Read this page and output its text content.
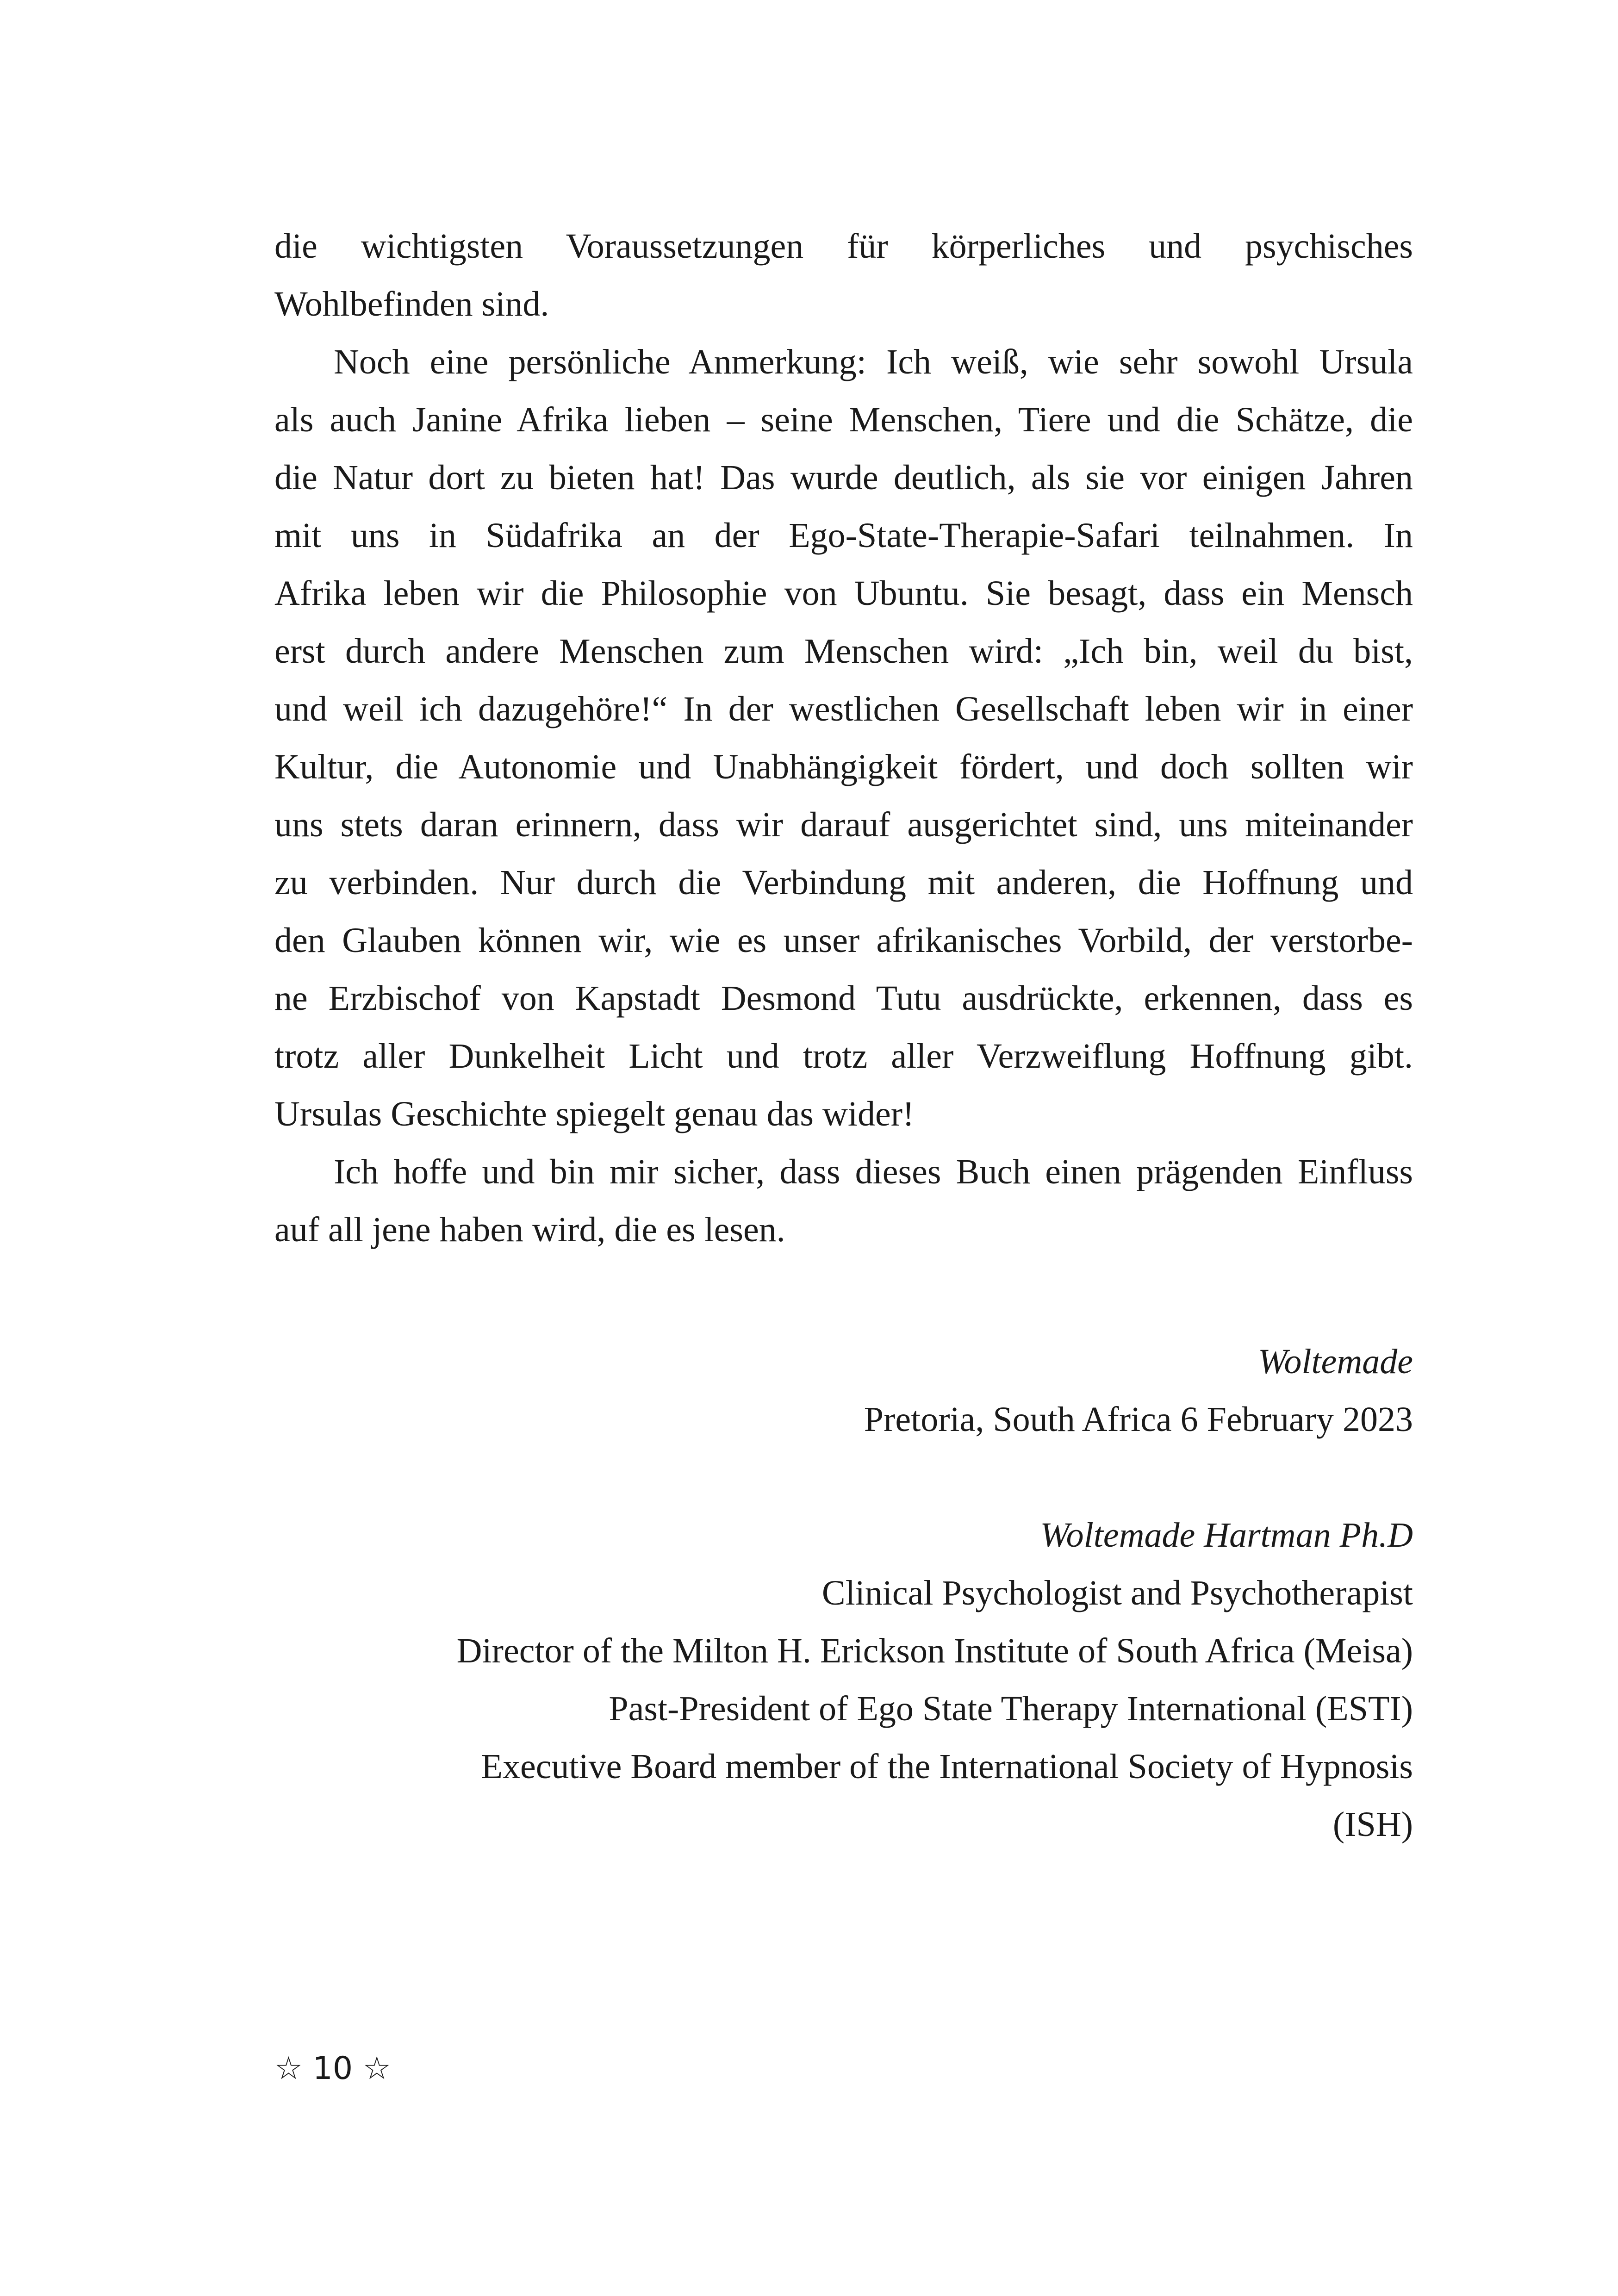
die wichtigsten Voraussetzungen für körperliches und psychisches
Wohlbefinden sind.
Noch eine persönliche Anmerkung: Ich weiß, wie sehr sowohl Ursula
als auch Janine Afrika lieben – seine Menschen, Tiere und die Schätze, die
die Natur dort zu bieten hat! Das wurde deutlich, als sie vor einigen Jahren
mit uns in Südafrika an der Ego-State-Therapie-Safari teilnahmen. In
Afrika leben wir die Philosophie von Ubuntu. Sie besagt, dass ein Mensch
erst durch andere Menschen zum Menschen wird: „Ich bin, weil du bist,
und weil ich dazugehöre!“ In der westlichen Gesellschaft leben wir in einer
Kultur, die Autonomie und Unabhängigkeit fördert, und doch sollten wir
uns stets daran erinnern, dass wir darauf ausgerichtet sind, uns miteinander
zu verbinden. Nur durch die Verbindung mit anderen, die Hoffnung und
den Glauben können wir, wie es unser afrikanisches Vorbild, der verstorbe-
ne Erzbischof von Kapstadt Desmond Tutu ausdrückte, erkennen, dass es
trotz aller Dunkelheit Licht und trotz aller Verzweiflung Hoffnung gibt.
Ursulas Geschichte spiegelt genau das wider!
Ich hoffe und bin mir sicher, dass dieses Buch einen prägenden Einfluss
auf all jene haben wird, die es lesen.
Woltemade
Pretoria, South Africa 6 February 2023
Woltemade Hartman Ph.D
Clinical Psychologist and Psychotherapist
Director of the Milton H. Erickson Institute of South Africa (Meisa)
Past-President of Ego State Therapy International (ESTI)
Executive Board member of the International Society of Hypnosis
(ISH)
☆ 10 ☆
